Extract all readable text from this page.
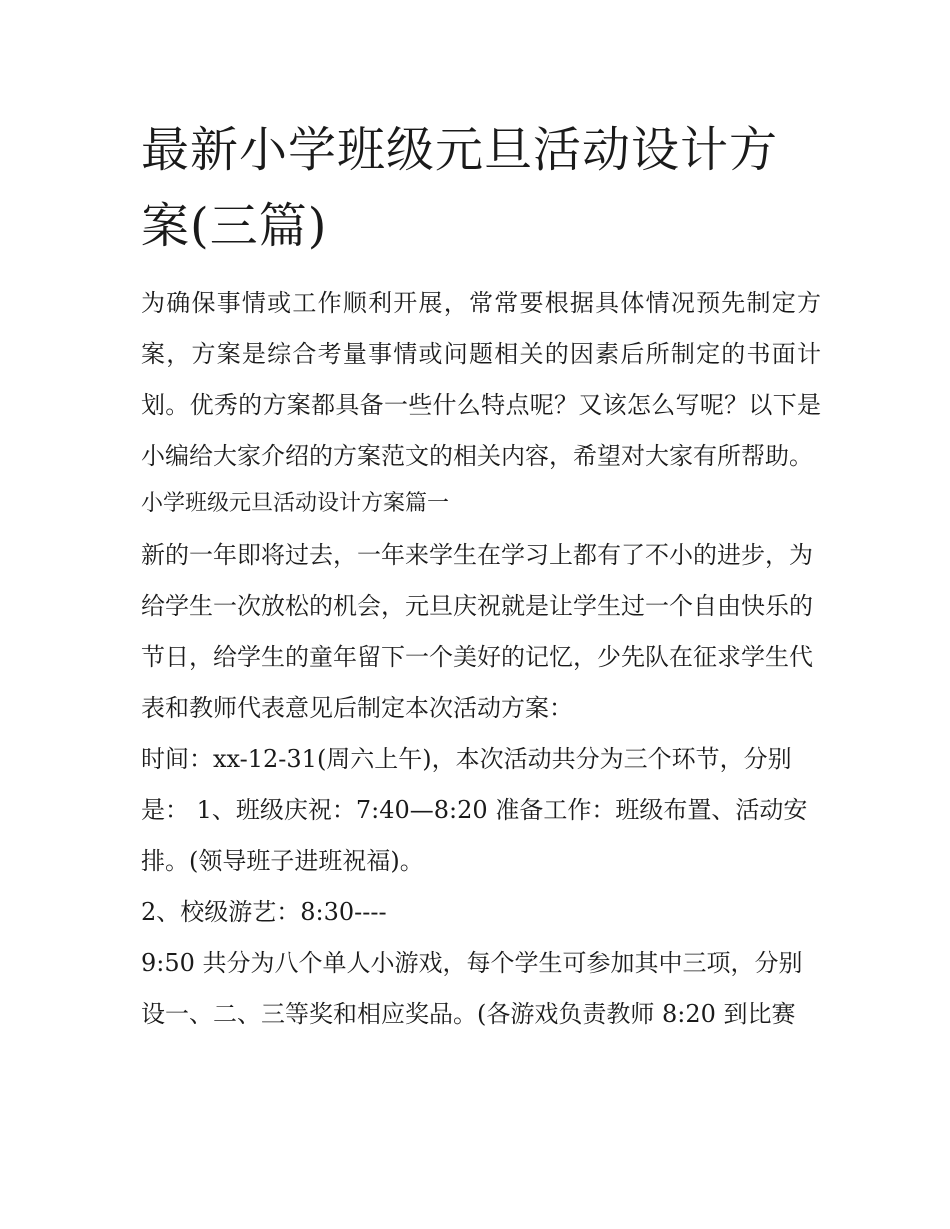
最新小学班级元旦活动设计方案(三篇)

为确保事情或工作顺利开展，常常要根据具体情况预先制定方案，方案是综合考量事情或问题相关的因素后所制定的书面计划。优秀的方案都具备一些什么特点呢？又该怎么写呢？以下是小编给大家介绍的方案范文的相关内容，希望对大家有所帮助。

小学班级元旦活动设计方案篇一

新的一年即将过去，一年来学生在学习上都有了不小的进步，为给学生一次放松的机会，元旦庆祝就是让学生过一个自由快乐的节日，给学生的童年留下一个美好的记忆，少先队在征求学生代表和教师代表意见后制定本次活动方案：

时间：xx-12-31(周六上午)，本次活动共分为三个环节，分别是： 1、班级庆祝：7:40—8:20 准备工作：班级布置、活动安排。(领导班子进班祝福)。

2、校级游艺：8:30----

9:50 共分为八个单人小游戏，每个学生可参加其中三项，分别设一、二、三等奖和相应奖品。(各游戏负责教师 8:20 到比赛
